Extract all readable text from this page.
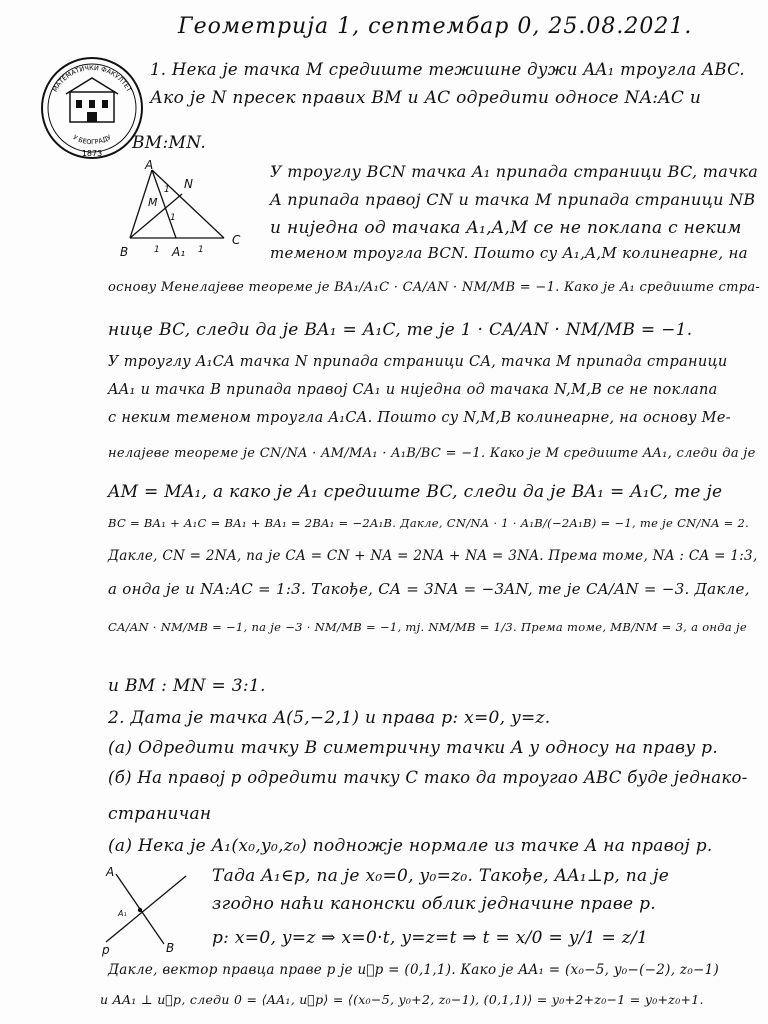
Геометрија 1, септембар 0, 25.08.2021.
МАТЕМАТИЧКИ ФАКУЛТЕТ
У БЕОГРАДУ
1873
1. Нека је тачка M средиште тежишне дужи AA₁ троугла ABC.
Ако је N пресек правих BM и AC одредити односе NA:AC и
BM:MN.
A
N
M
1
1
B	1 A₁ 1
C
У троуглу BCN тачка A₁ припада страници BC, тачка
A припада правој CN и тачка M припада страници NB
и ниједна од тачака A₁,A,M се не поклапа с неким
теменом троугла BCN. Пошто су A₁,A,M колинеарне, на
основу Менелајеве теореме је BA₁/A₁C · CA/AN · NM/MB = −1. Како је A₁ средиште стра-
нице BC, следи да је BA₁ = A₁C, те је 1 · CA/AN · NM/MB = −1.
У троуглу A₁CA тачка N припада страници CA, тачка M припада страници
AA₁ и тачка B припада правој CA₁ и ниједна од тачака N,M,B се не поклапа
с неким теменом троугла A₁CA. Пошто су N,M,B колинеарне, на основу Ме-
нелајеве теореме је CN/NA · AM/MA₁ · A₁B/BC = −1. Како је M средиште AA₁, следи да је
AM = MA₁, а како је A₁ средиште BC, следи да је BA₁ = A₁C, те је
BC = BA₁ + A₁C = BA₁ + BA₁ = 2BA₁ = −2A₁B. Дакле, CN/NA · 1 · A₁B/(−2A₁B) = −1, те је CN/NA = 2.
Дакле, CN = 2NA, па је CA = CN + NA = 2NA + NA = 3NA. Према томе, NA : CA = 1:3,
а онда је и NA:AC = 1:3. Такође, CA = 3NA = −3AN, те је CA/AN = −3. Дакле,
CA/AN · NM/MB = −1, па је −3 · NM/MB = −1, тј. NM/MB = 1/3. Према томе, MB/NM = 3, а онда је
и BM : MN = 3:1.
2. Дата је тачка A(5,−2,1) и права p: x=0, y=z.
(а) Одредити тачку B симетричну тачки A у односу на праву p.
(б) На правој p одредити тачку C тако да троугао ABC буде једнако-
страничан
(а) Нека је A₁(x₀,y₀,z₀) подножје нормале из тачке A на правој p.
A
A₁
p	B
Тада A₁∈p, па је x₀=0, y₀=z₀. Такође, AA₁⊥p, па је
згодно наћи канонски облик једначине праве p.
p: x=0, y=z ⇒ x=0·t, y=z=t ⇒ t = x/0 = y/1 = z/1
Дакле, вектор правца праве p је u⃗p = (0,1,1). Како је AA₁ = (x₀−5, y₀−(−2), z₀−1)
и AA₁ ⊥ u⃗p, следи 0 = ⟨AA₁, u⃗p⟩ = ⟨(x₀−5, y₀+2, z₀−1), (0,1,1)⟩ = y₀+2+z₀−1 = y₀+z₀+1.
